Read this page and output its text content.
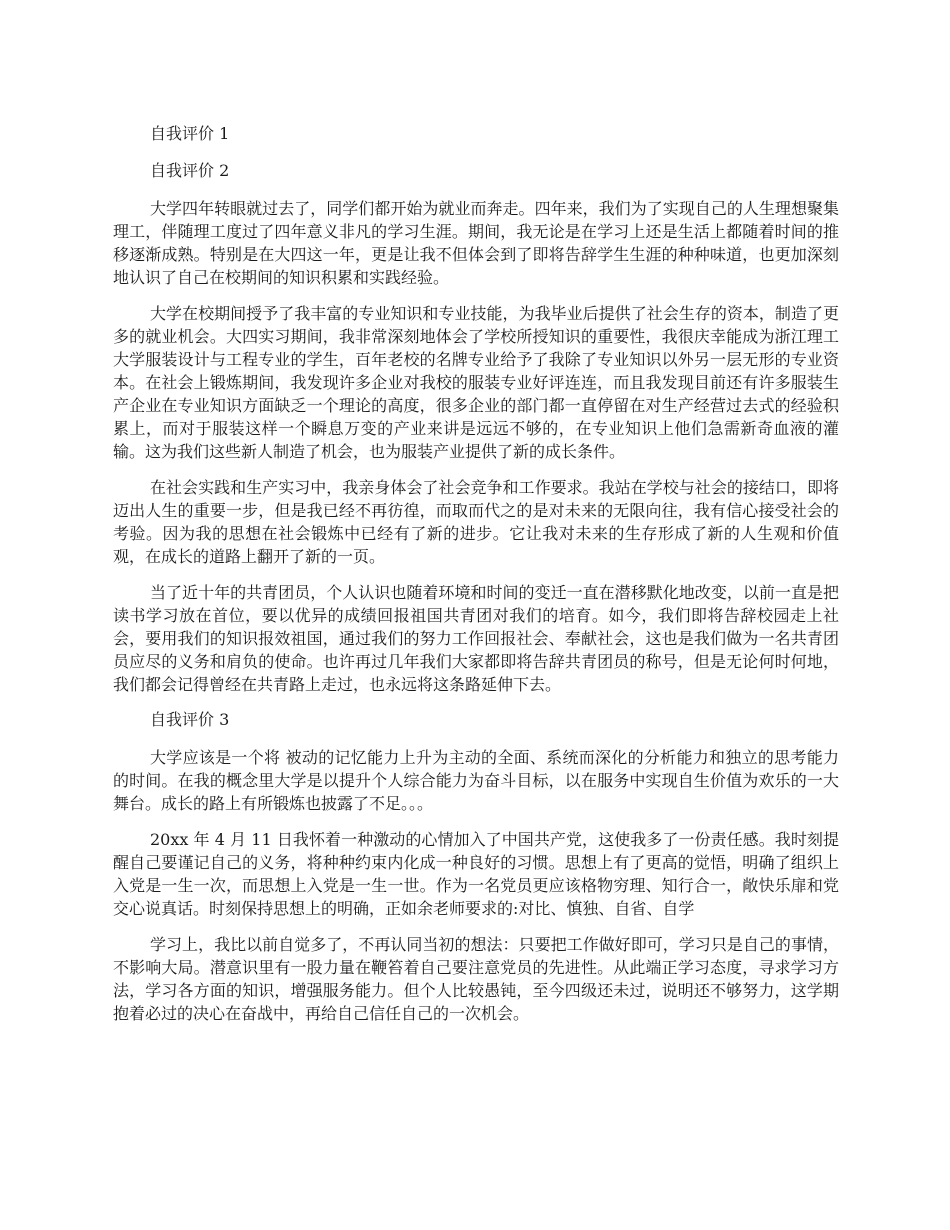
自我评价 1

自我评价 2

大学四年转眼就过去了，同学们都开始为就业而奔走。四年来，我们为了实现自己的人生理想聚集理工，伴随理工度过了四年意义非凡的学习生涯。期间，我无论是在学习上还是生活上都随着时间的推移逐渐成熟。特别是在大四这一年，更是让我不但体会到了即将告辞学生生涯的种种味道，也更加深刻地认识了自己在校期间的知识积累和实践经验。

大学在校期间授予了我丰富的专业知识和专业技能，为我毕业后提供了社会生存的资本，制造了更多的就业机会。大四实习期间，我非常深刻地体会了学校所授知识的重要性，我很庆幸能成为浙江理工大学服装设计与工程专业的学生，百年老校的名牌专业给予了我除了专业知识以外另一层无形的专业资本。在社会上锻炼期间，我发现许多企业对我校的服装专业好评连连，而且我发现目前还有许多服装生产企业在专业知识方面缺乏一个理论的高度，很多企业的部门都一直停留在对生产经营过去式的经验积累上，而对于服装这样一个瞬息万变的产业来讲是远远不够的，在专业知识上他们急需新奇血液的灌输。这为我们这些新人制造了机会，也为服装产业提供了新的成长条件。

在社会实践和生产实习中，我亲身体会了社会竞争和工作要求。我站在学校与社会的接结口，即将迈出人生的重要一步，但是我已经不再彷徨，而取而代之的是对未来的无限向往，我有信心接受社会的考验。因为我的思想在社会锻炼中已经有了新的进步。它让我对未来的生存形成了新的人生观和价值观，在成长的道路上翻开了新的一页。

当了近十年的共青团员，个人认识也随着环境和时间的变迁一直在潜移默化地改变，以前一直是把读书学习放在首位，要以优异的成绩回报祖国共青团对我们的培育。如今，我们即将告辞校园走上社会，要用我们的知识报效祖国，通过我们的努力工作回报社会、奉献社会，这也是我们做为一名共青团员应尽的义务和肩负的使命。也许再过几年我们大家都即将告辞共青团员的称号，但是无论何时何地，我们都会记得曾经在共青路上走过，也永远将这条路延伸下去。

自我评价 3

大学应该是一个将 被动的记忆能力上升为主动的全面、系统而深化的分析能力和独立的思考能力的时间。在我的概念里大学是以提升个人综合能力为奋斗目标，以在服务中实现自生价值为欢乐的一大舞台。成长的路上有所锻炼也披露了不足。。。

20xx 年 4 月 11 日我怀着一种激动的心情加入了中国共产党，这使我多了一份责任感。我时刻提醒自己要谨记自己的义务，将种种约束内化成一种良好的习惯。思想上有了更高的觉悟，明确了组织上入党是一生一次，而思想上入党是一生一世。作为一名党员更应该格物穷理、知行合一，敞快乐扉和党交心说真话。时刻保持思想上的明确，正如余老师要求的:对比、慎独、自省、自学

学习上，我比以前自觉多了，不再认同当初的想法：只要把工作做好即可，学习只是自己的事情，不影响大局。潜意识里有一股力量在鞭笞着自己要注意党员的先进性。从此端正学习态度，寻求学习方法，学习各方面的知识，增强服务能力。但个人比较愚钝，至今四级还未过，说明还不够努力，这学期抱着必过的决心在奋战中，再给自己信任自己的一次机会。
